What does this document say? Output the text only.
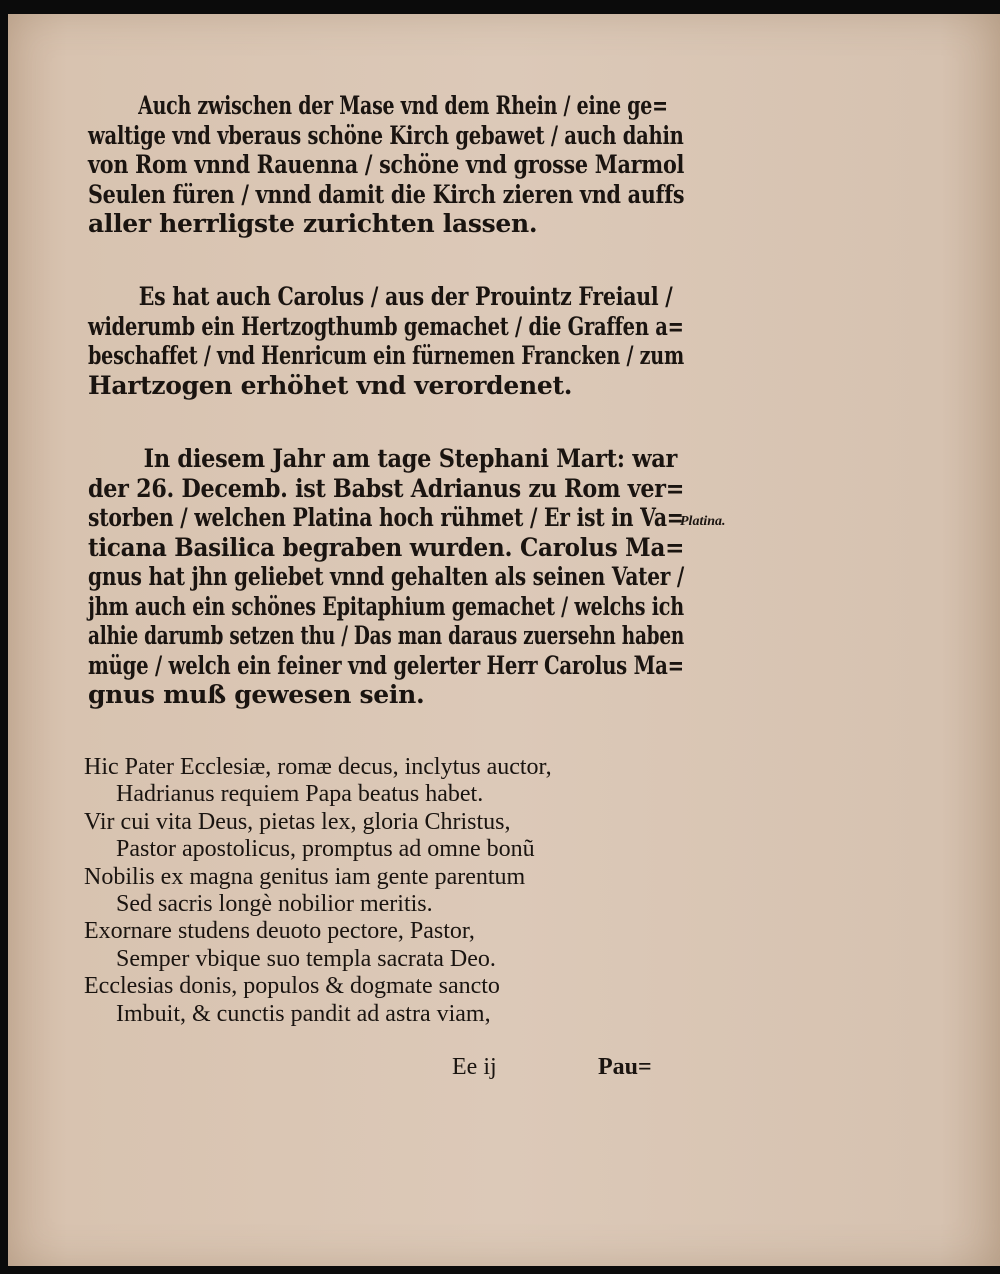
Auch zwischen der Mase vnd dem Rhein / eine ge=
waltige vnd vberaus schöne Kirch gebawet / auch dahin
von Rom vnnd Rauenna / schöne vnd grosse Marmol
Seulen füren / vnnd damit die Kirch zieren vnd auffs
aller herrligste zurichten lassen.
Es hat auch Carolus / aus der Prouintz Freiaul /
widerumb ein Hertzogthumb gemachet / die Graffen a=
beschaffet / vnd Henricum ein fürnemen Francken / zum
Hartzogen erhöhet vnd verordenet.
In diesem Jahr am tage Stephani Mart: war
der 26. Decemb. ist Babst Adrianus zu Rom ver=
storben / welchen Platina hoch rühmet / Er ist in Va=
ticana Basilica begraben wurden. Carolus Ma=
gnus hat jhn geliebet vnnd gehalten als seinen Vater /
jhm auch ein schönes Epitaphium gemachet / welchs ich
alhie darumb setzen thu / Das man daraus zuersehn haben
müge / welch ein feiner vnd gelerter Herr Carolus Ma=
gnus muß gewesen sein.
Platina.
Hic Pater Ecclesiæ, romæ decus, inclytus auctor,
Hadrianus requiem Papa beatus habet.
Vir cui vita Deus, pietas lex, gloria Christus,
Pastor apostolicus, promptus ad omne bonũ
Nobilis ex magna genitus iam gente parentum
Sed sacris longè nobilior meritis.
Exornare studens deuoto pectore, Pastor,
Semper vbique suo templa sacrata Deo.
Ecclesias donis, populos & dogmate sancto
Imbuit, & cunctis pandit ad astra viam,
Ee ij	Pau=
